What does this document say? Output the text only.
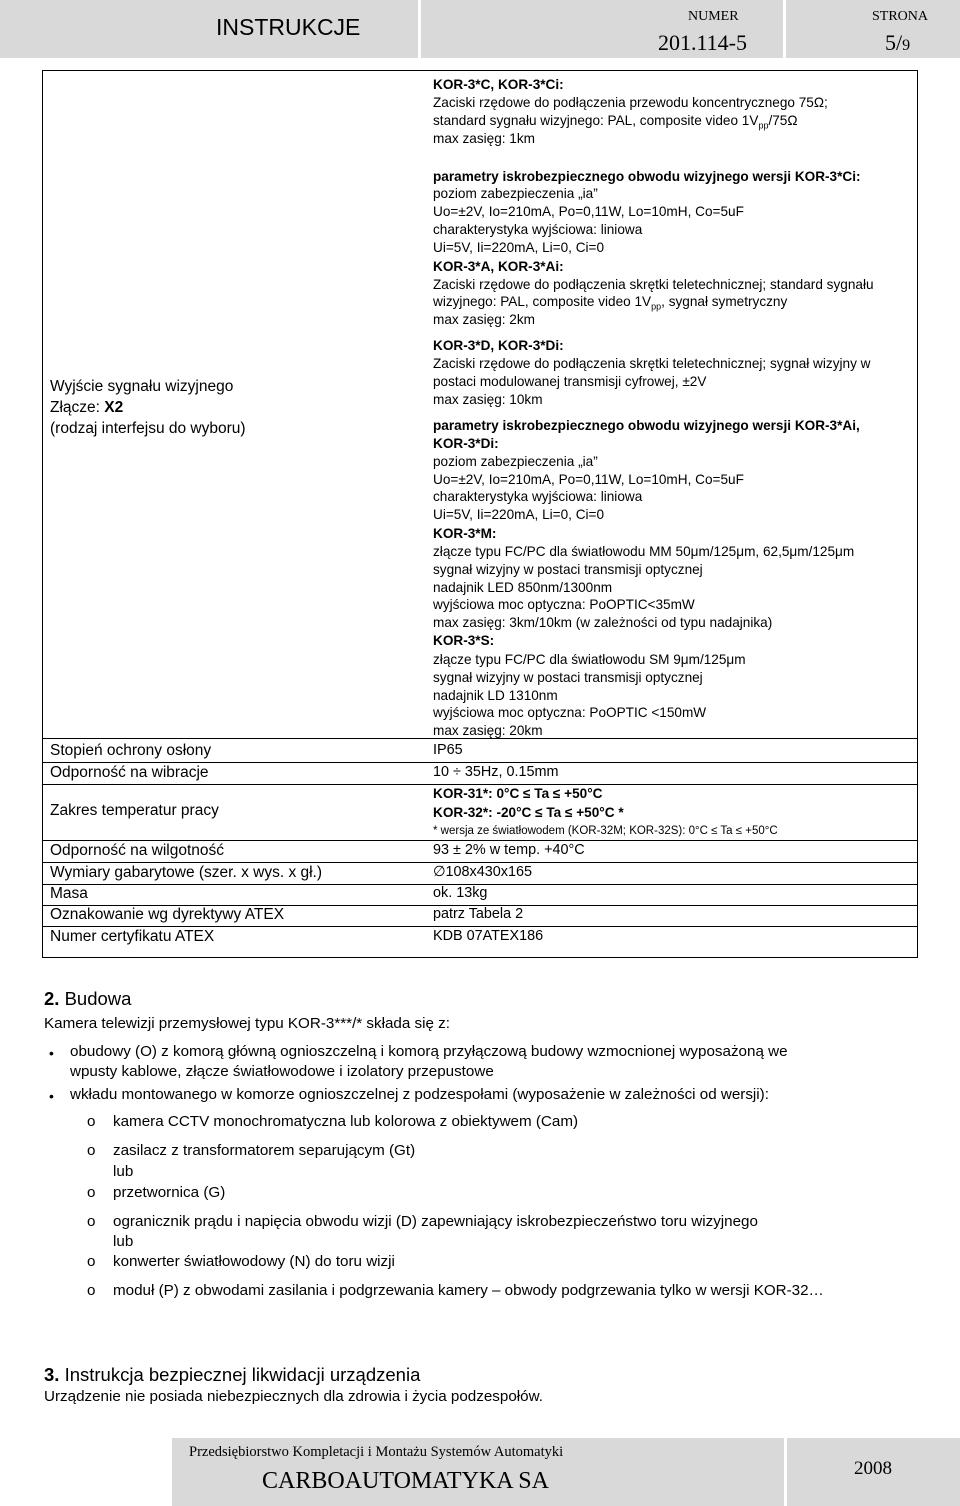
INSTRUKCJE	NUMER
201.114-5
STRONA
5/9
Wyjście sygnału wizyjnego
Złącze: X2
(rodzaj interfejsu do wyboru)
Stopień ochrony osłony
Odporność na wibracje
Zakres temperatur pracy
Odporność na wilgotność
Wymiary gabarytowe (szer. x wys. x gł.)
Masa
Oznakowanie wg dyrektywy ATEX
Numer certyfikatu ATEX
KOR-3*C, KOR-3*Ci:
Zaciski rzędowe do podłączenia przewodu koncentrycznego 75Ω;
standard sygnału wizyjnego: PAL, composite video $1V_{pp}/75\Omega$
max zasięg: 1km
parametry iskrobezpiecznego obwodu wizyjnego wersji KOR-3*Ci:
poziom zabezpieczenia „ia”
Uo=±2V, Io=210mA, Po=0,11W, Lo=10mH, Co=5uF
charakterystyka wyjściowa: liniowa
Ui=5V, Ii=220mA, Li=0, Ci=0
KOR-3*A, KOR-3*Ai:
Zaciski rzędowe do podłączenia skrętki teletechnicznej; standard sygnału
wizyjnego: PAL, composite video $1V_{pp}$, sygnał symetryczny
max zasięg: 2km
KOR-3*D, KOR-3*Di:
Zaciski rzędowe do podłączenia skrętki teletechnicznej; sygnał wizyjny w
postaci modulowanej transmisji cyfrowej, ±2V
max zasięg: 10km
parametry iskrobezpiecznego obwodu wizyjnego wersji KOR-3*Ai,
KOR-3*Di:
poziom zabezpieczenia „ia”
Uo=±2V, Io=210mA, Po=0,11W, Lo=10mH, Co=5uF
charakterystyka wyjściowa: liniowa
Ui=5V, Ii=220mA, Li=0, Ci=0
KOR-3*M:
złącze typu FC/PC dla światłowodu MM 50μm/125μm, 62,5μm/125μm
sygnał wizyjny w postaci transmisji optycznej
nadajnik LED 850nm/1300nm
wyjściowa moc optyczna: PoOPTIC<35mW
max zasięg: 3km/10km (w zależności od typu nadajnika)
KOR-3*S:
złącze typu FC/PC dla światłowodu SM 9μm/125μm
sygnał wizyjny w postaci transmisji optycznej
nadajnik LD 1310nm
wyjściowa moc optyczna: PoOPTIC <150mW
max zasięg: 20km
IP65
10 ÷ 35Hz, 0.15mm
KOR-31*: 0°C ≤ Ta ≤ +50°C
KOR-32*: -20°C ≤ Ta ≤ +50°C *
* wersja ze światłowodem (KOR-32M; KOR-32S): 0°C ≤ Ta ≤ +50°C
93 ± 2% w temp. +40°C
∅108x430x165
ok. 13kg
patrz Tabela 2
KDB 07ATEX186
2. Budowa
Kamera telewizji przemysłowej typu KOR-3***/* składa się z:
• obudowy (O) z komorą główną ognioszczelną i komorą przyłączową budowy wzmocnionej wyposażoną we
wpusty kablowe, złącze światłowodowe i izolatory przepustowe
• wkładu montowanego w komorze ognioszczelnej z podzespołami (wyposażenie w zależności od wersji):
o kamera CCTV monochromatyczna lub kolorowa z obiektywem (Cam)
o zasilacz z transformatorem separującym (Gt)
lub
o przetwornica (G)
o ogranicznik prądu i napięcia obwodu wizji (D) zapewniający iskrobezpieczeństwo toru wizyjnego
lub
o konwerter światłowodowy (N) do toru wizji
o moduł (P) z obwodami zasilania i podgrzewania kamery – obwody podgrzewania tylko w wersji KOR-32…
3. Instrukcja bezpiecznej likwidacji urządzenia
Urządzenie nie posiada niebezpiecznych dla zdrowia i życia podzespołów.
Przedsiębiorstwo Kompletacji i Montażu Systemów Automatyki
CARBOAUTOMATYKA SA	2008
